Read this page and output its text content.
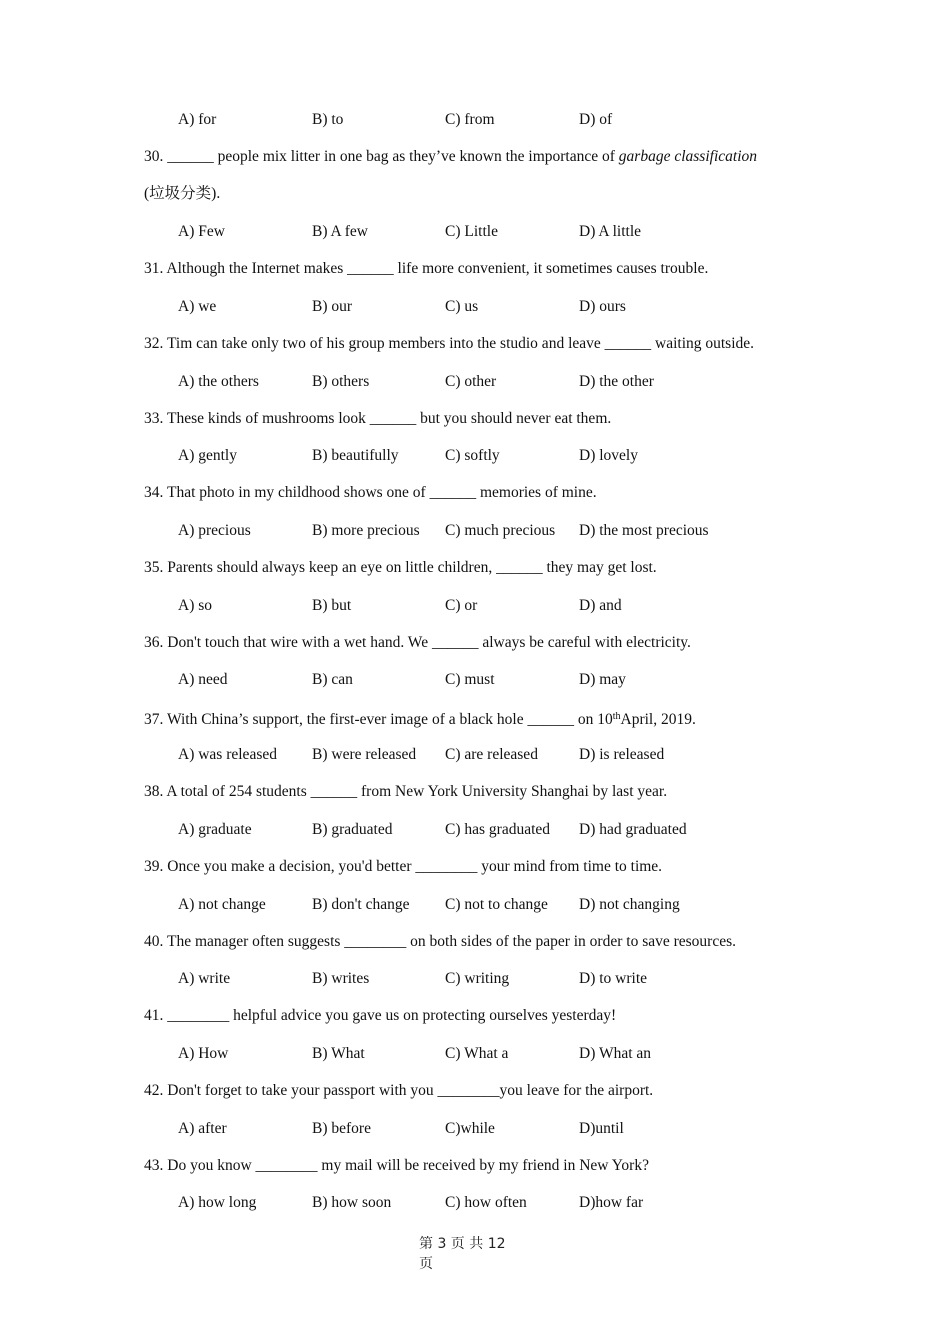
A) for	B) to	C) from	D) of
30. ______ people mix litter in one bag as they’ve known the importance of garbage classification
(垃圾分类).
A) Few	B) A few	C) Little	D) A little
31. Although the Internet makes ______ life more convenient, it sometimes causes trouble.
A) we	B) our	C) us	D) ours
32. Tim can take only two of his group members into the studio and leave ______ waiting outside.
A) the others	B) others	C) other	D) the other
33. These kinds of mushrooms look ______ but you should never eat them.
A) gently	B) beautifully	C) softly	D) lovely
34. That photo in my childhood shows one of ______ memories of mine.
A) precious	B) more precious C) much precious D) the most precious
35. Parents should always keep an eye on little children, ______ they may get lost.
A) so	B) but	C) or	D) and
36. Don't touch that wire with a wet hand. We ______ always be careful with electricity.
A) need	B) can	C) must	D) may
37. With China’s support, the first-ever image of a black hole ______ on 10thApril, 2019.
A) was released B) were released C) are released	D) is released
38. A total of 254 students ______ from New York University Shanghai by last year.
A) graduate	B) graduated	C) has graduated D) had graduated
39. Once you make a decision, you'd better ________ your mind from time to time.
A) not change	B) don't change C) not to change D) not changing
40. The manager often suggests ________ on both sides of the paper in order to save resources.
A) write	B) writes	C) writing	D) to write
41. ________ helpful advice you gave us on protecting ourselves yesterday!
A) How	B) What	C) What a	D) What an
42. Don't forget to take your passport with you ________you leave for the airport.
A) after	B) before	C)while	D)until
43. Do you know ________ my mail will be received by my friend in New York?
A) how long	B) how soon	C) how often	D)how far
第 3 页 共 12
页
